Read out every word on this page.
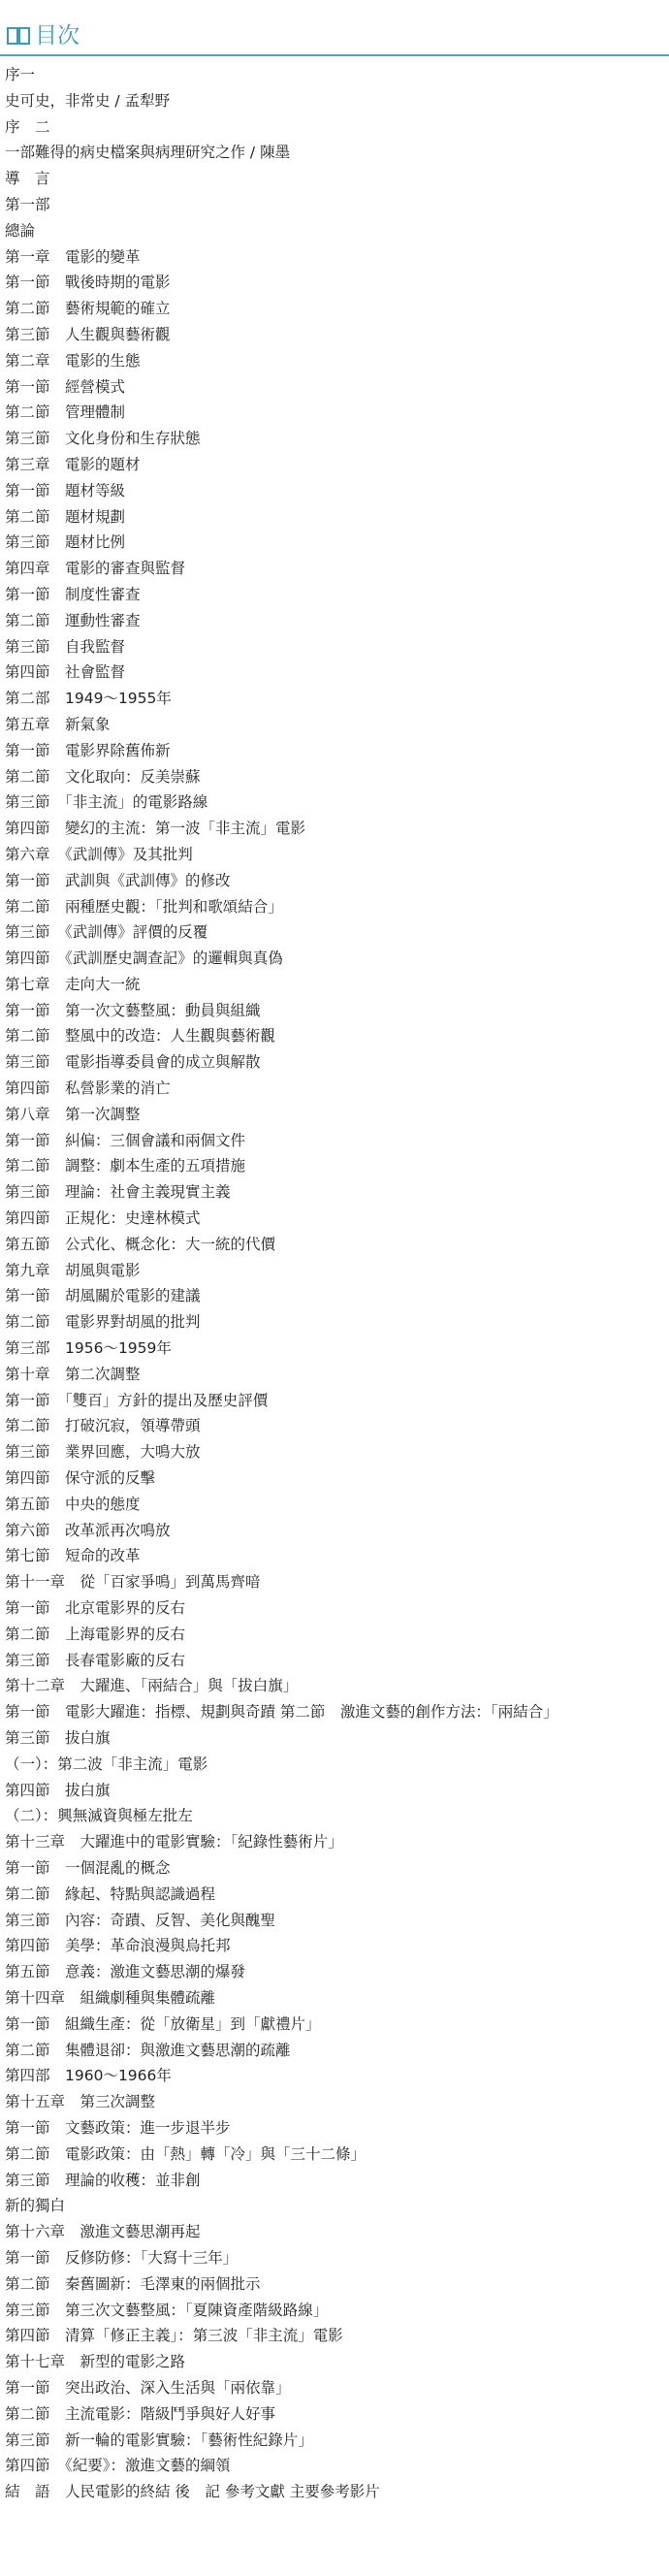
目次
序一
史可史，非常史 / 孟犁野
序　二
一部難得的病史檔案與病理研究之作 / 陳墨
導　言
第一部
總論
第一章　電影的變革
第一節　戰後時期的電影
第二節　藝術規範的確立
第三節　人生觀與藝術觀
第二章　電影的生態
第一節　經營模式
第二節　管理體制
第三節　文化身份和生存狀態
第三章　電影的題材
第一節　題材等級
第二節　題材規劃
第三節　題材比例
第四章　電影的審查與監督
第一節　制度性審查
第二節　運動性審查
第三節　自我監督
第四節　社會監督
第二部　1949～1955年
第五章　新氣象
第一節　電影界除舊佈新
第二節　文化取向：反美崇蘇
第三節　「非主流」的電影路線
第四節　變幻的主流：第一波「非主流」電影
第六章　《武訓傳》及其批判
第一節　武訓與《武訓傳》的修改
第二節　兩種歷史觀：「批判和歌頌結合」
第三節　《武訓傳》評價的反覆
第四節　《武訓歷史調查記》的邏輯與真偽
第七章　走向大一統
第一節　第一次文藝整風：動員與組織
第二節　整風中的改造：人生觀與藝術觀
第三節　電影指導委員會的成立與解散
第四節　私營影業的消亡
第八章　第一次調整
第一節　糾偏：三個會議和兩個文件
第二節　調整：劇本生產的五項措施
第三節　理論：社會主義現實主義
第四節　正規化：史達林模式
第五節　公式化、概念化：大一統的代價
第九章　胡風與電影
第一節　胡風關於電影的建議
第二節　電影界對胡風的批判
第三部　1956～1959年
第十章　第二次調整
第一節　「雙百」方針的提出及歷史評價
第二節　打破沉寂，領導帶頭
第三節　業界回應，大鳴大放
第四節　保守派的反擊
第五節　中央的態度
第六節　改革派再次鳴放
第七節　短命的改革
第十一章　從「百家爭鳴」到萬馬齊喑
第一節　北京電影界的反右
第二節　上海電影界的反右
第三節　長春電影廠的反右
第十二章　大躍進、「兩結合」與「拔白旗」
第一節　電影大躍進：指標、規劃與奇蹟 第二節　激進文藝的創作方法：「兩結合」
第三節　拔白旗
（一）：第二波「非主流」電影
第四節　拔白旗
（二）：興無滅資與極左批左
第十三章　大躍進中的電影實驗：「紀錄性藝術片」
第一節　一個混亂的概念
第二節　緣起、特點與認識過程
第三節　內容：奇蹟、反智、美化與醜聖
第四節　美學：革命浪漫與烏托邦
第五節　意義：激進文藝思潮的爆發
第十四章　組織劇種與集體疏離
第一節　組織生產：從「放衛星」到「獻禮片」
第二節　集體退卻：與激進文藝思潮的疏離
第四部　1960～1966年
第十五章　第三次調整
第一節　文藝政策：進一步退半步
第二節　電影政策：由「熱」轉「冷」與「三十二條」
第三節　理論的收穫：並非創
新的獨白
第十六章　激進文藝思潮再起
第一節　反修防修：「大寫十三年」
第二節　秦舊圖新：毛澤東的兩個批示
第三節　第三次文藝整風：「夏陳資產階級路線」
第四節　清算「修正主義」：第三波「非主流」電影
第十七章　新型的電影之路
第一節　突出政治、深入生活與「兩依靠」
第二節　主流電影：階級鬥爭與好人好事
第三節　新一輪的電影實驗：「藝術性紀錄片」
第四節　《紀要》：激進文藝的綱領
結　語　人民電影的終結 後　記 參考文獻 主要參考影片
